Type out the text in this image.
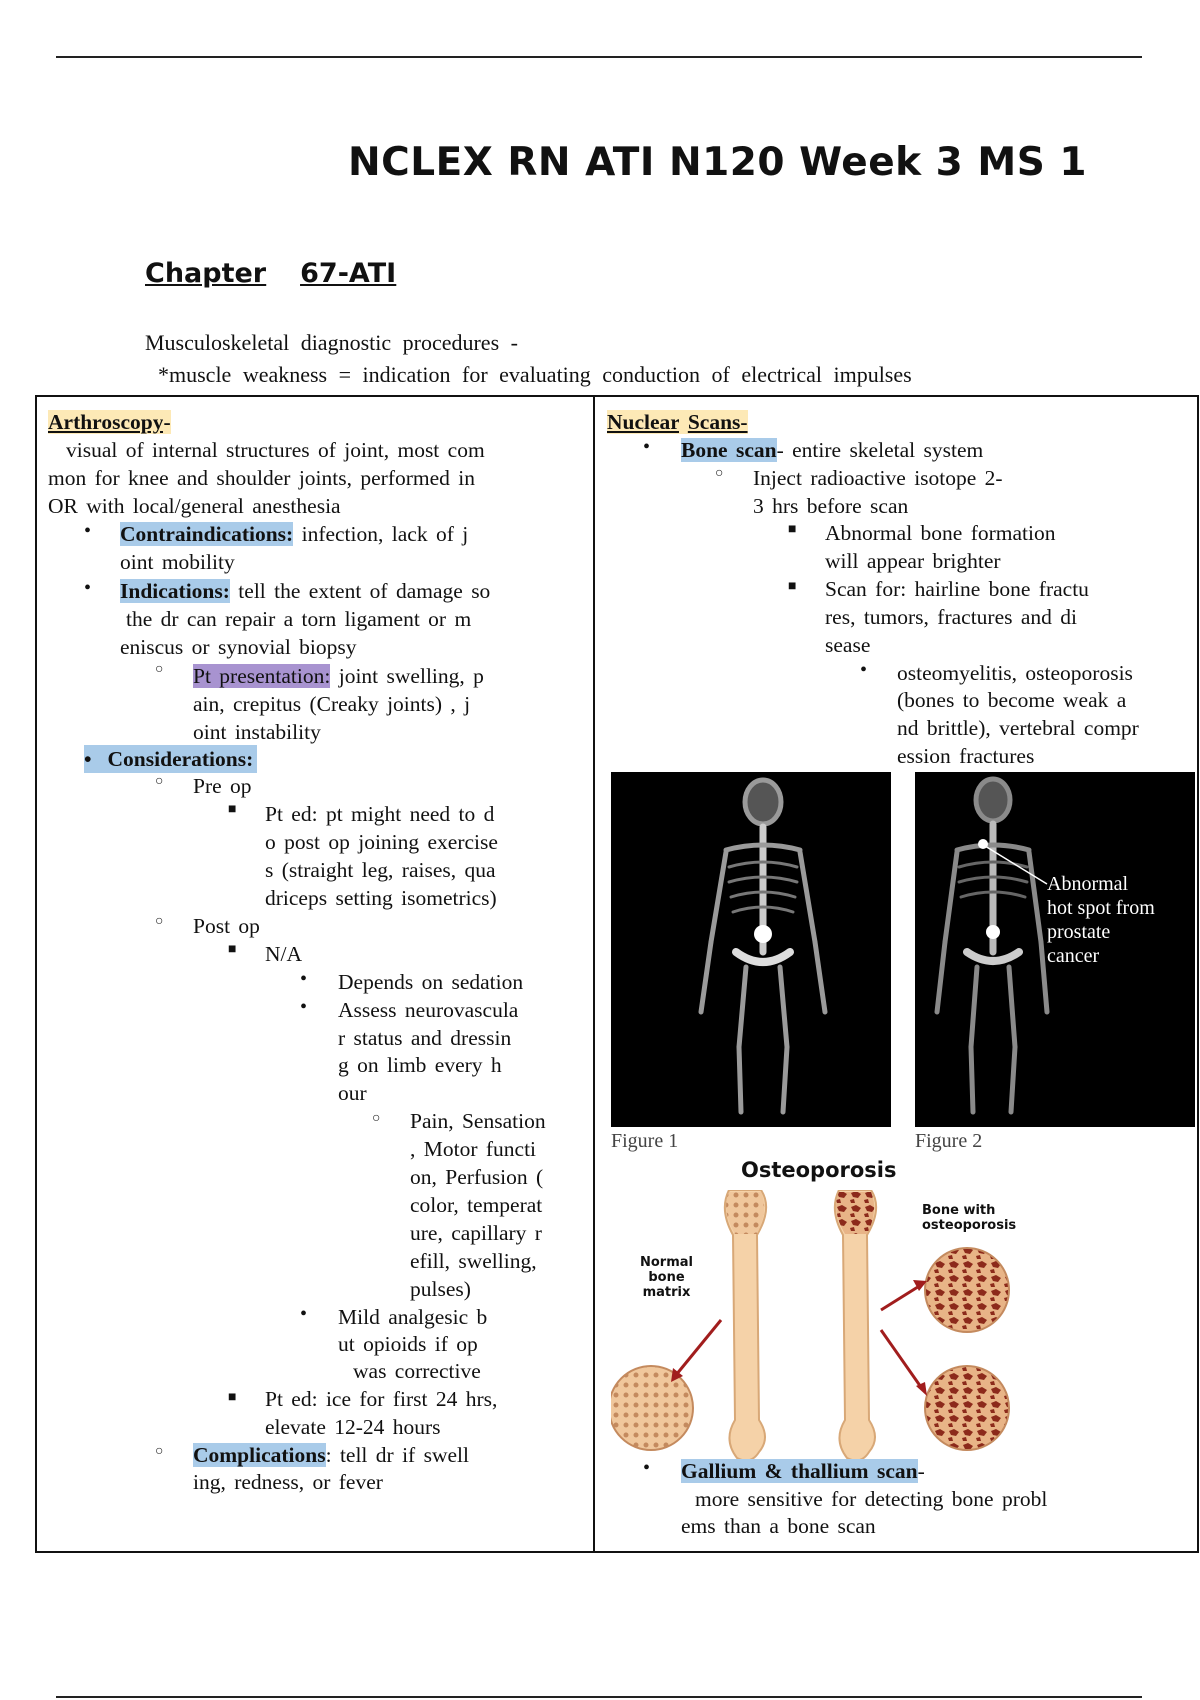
NCLEX RN ATI N120 Week 3 MS 1
Chapter 67-ATI
Musculoskeletal diagnostic procedures -
*muscle weakness = indication for evaluating conduction of electrical impulses
Arthroscopy-
visual of internal structures of joint, most com
mon for knee and shoulder joints, performed in
OR with local/general anesthesia
• Contraindications: infection, lack of j
oint mobility
• Indications: tell the extent of damage so
the dr can repair a torn ligament or m
eniscus or synovial biopsy
○ Pt presentation: joint swelling, p
ain, crepitus (Creaky joints) , j
oint instability
• Considerations:
○ Pre op
■ Pt ed: pt might need to d
o post op joining exercise
s (straight leg, raises, qua
driceps setting isometrics)
○ Post op
■ N/A
• Depends on sedation
• Assess neurovascula
r status and dressin
g on limb every h
our
○ Pain, Sensation
, Motor functi
on, Perfusion (
color, temperat
ure, capillary r
efill, swelling,
pulses)
• Mild analgesic b
ut opioids if op
was corrective
■ Pt ed: ice for first 24 hrs,
elevate 12-24 hours
○ Complications: tell dr if swell
ing, redness, or fever
Nuclear Scans-
• Bone scan- entire skeletal system
○ Inject radioactive isotope 2-
3 hrs before scan
■ Abnormal bone formation
will appear brighter
■ Scan for: hairline bone fractu
res, tumors, fractures and di
sease
• osteomyelitis, osteoporosis
(bones to become weak a
nd brittle), vertebral compr
ession fractures
Figure 1
Abnormal
hot spot from
prostate
cancer
Figure 2
Osteoporosis
Normal
bone
matrix
Bone with
osteoporosis
• Gallium & thallium scan-
more sensitive for detecting bone probl
ems than a bone scan
